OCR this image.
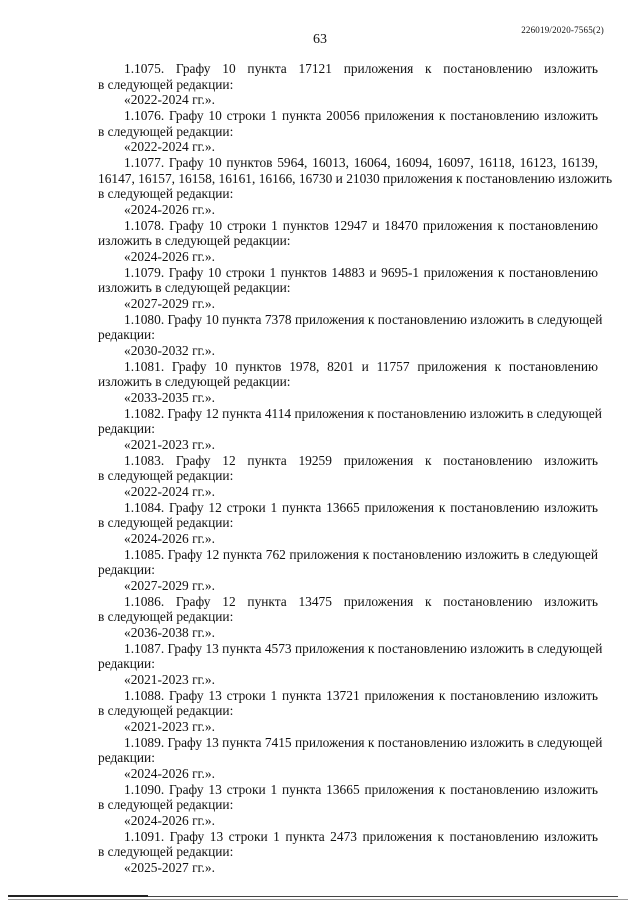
226019/2020-7565(2)
63
1.1075. Графу 10 пункта 17121 приложения к постановлению изложить
в следующей редакции:
«2022-2024 гг.».
1.1076. Графу 10 строки 1 пункта 20056 приложения к постановлению изложить
в следующей редакции:
«2022-2024 гг.».
1.1077. Графу 10 пунктов 5964, 16013, 16064, 16094, 16097, 16118, 16123, 16139,
16147, 16157, 16158, 16161, 16166, 16730 и 21030 приложения к постановлению изложить
в следующей редакции:
«2024-2026 гг.».
1.1078. Графу 10 строки 1 пунктов 12947 и 18470 приложения к постановлению
изложить в следующей редакции:
«2024-2026 гг.».
1.1079. Графу 10 строки 1 пунктов 14883 и 9695-1 приложения к постановлению
изложить в следующей редакции:
«2027-2029 гг.».
1.1080. Графу 10 пункта 7378 приложения к постановлению изложить в следующей
редакции:
«2030-2032 гг.».
1.1081. Графу 10 пунктов 1978, 8201 и 11757 приложения к постановлению
изложить в следующей редакции:
«2033-2035 гг.».
1.1082. Графу 12 пункта 4114 приложения к постановлению изложить в следующей
редакции:
«2021-2023 гг.».
1.1083. Графу 12 пункта 19259 приложения к постановлению изложить
в следующей редакции:
«2022-2024 гг.».
1.1084. Графу 12 строки 1 пункта 13665 приложения к постановлению изложить
в следующей редакции:
«2024-2026 гг.».
1.1085. Графу 12 пункта 762 приложения к постановлению изложить в следующей
редакции:
«2027-2029 гг.».
1.1086. Графу 12 пункта 13475 приложения к постановлению изложить
в следующей редакции:
«2036-2038 гг.».
1.1087. Графу 13 пункта 4573 приложения к постановлению изложить в следующей
редакции:
«2021-2023 гг.».
1.1088. Графу 13 строки 1 пункта 13721 приложения к постановлению изложить
в следующей редакции:
«2021-2023 гг.».
1.1089. Графу 13 пункта 7415 приложения к постановлению изложить в следующей
редакции:
«2024-2026 гг.».
1.1090. Графу 13 строки 1 пункта 13665 приложения к постановлению изложить
в следующей редакции:
«2024-2026 гг.».
1.1091. Графу 13 строки 1 пункта 2473 приложения к постановлению изложить
в следующей редакции:
«2025-2027 гг.».
